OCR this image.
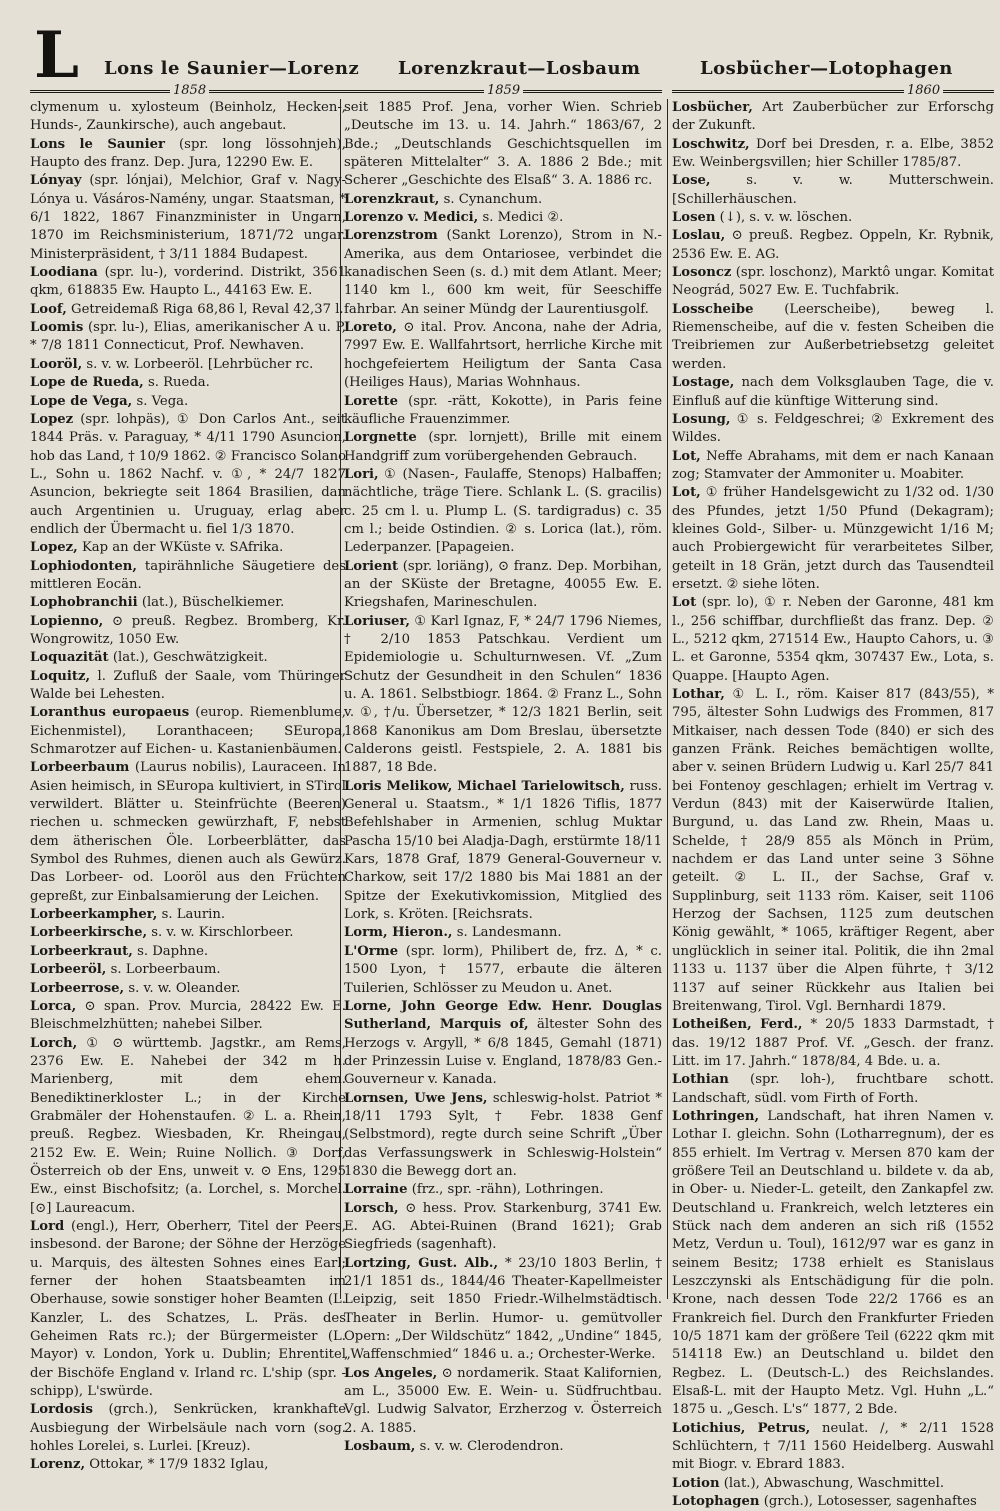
L Lons le Saunier—Lorenz Lorenzkraut—Losbaum	Losbücher—Lotophagen
1858	1859	1860

clymenum u. xylosteum (Beinholz, Hecken-, Hunds-, Zaunkirsche), auch angebaut.

Lons le Saunier (spr. long lössohnjeh), Haupto des franz. Dep. Jura, 12290 Ew. E.

Lónyay (spr. lónjai), Melchior, Graf v. Nagy-Lónya u. Vásáros-Namény, ungar. Staatsman, * 6/1 1822, 1867 Finanzminister in Ungarn, 1870 im Reichsministerium, 1871/72 ungar. Ministerpräsident, † 3/11 1884 Budapest.

Loodiana (spr. lu-), vorderind. Distrikt, 3561 qkm, 618835 Ew. Haupto L., 44163 Ew. E.

Loof, Getreidemaß Riga 68,86 l, Reval 42,37 l.

Loomis (spr. lu-), Elias, amerikanischer A u. P, * 7/8 1811 Connecticut, Prof. Newhaven.

Looröl, s. v. w. Lorbeeröl. [Lehrbücher rc.

Lope de Rueda, s. Rueda.

Lope de Vega, s. Vega.

Lopez (spr. lohpäs), ① Don Carlos Ant., seit 1844 Präs. v. Paraguay, * 4/11 1790 Asuncion, hob das Land, † 10/9 1862. ② Francisco Solano L., Sohn u. 1862 Nachf. v. ①, * 24/7 1827 Asuncion, bekriegte seit 1864 Brasilien, dan auch Argentinien u. Uruguay, erlag aber endlich der Übermacht u. fiel 1/3 1870.

Lopez, Kap an der WKüste v. SAfrika.

Lophiodonten, tapirähnliche Säugetiere des mittleren Eocän.

Lophobranchii (lat.), Büschelkiemer.

Lopienno, ⊙ preuß. Regbez. Bromberg, Kr. Wongrowitz, 1050 Ew.

Loquazität (lat.), Geschwätzigkeit.

Loquitz, l. Zufluß der Saale, vom Thüringer Walde bei Lehesten.

Loranthus europaeus (europ. Riemenblume, Eichenmistel), Loranthaceen; SEuropa, Schmarotzer auf Eichen- u. Kastanienbäumen.

Lorbeerbaum (Laurus nobilis), Lauraceen. In Asien heimisch, in SEuropa kultiviert, in STirol verwildert. Blätter u. Steinfrüchte (Beeren) riechen u. schmecken gewürzhaft, F, nebst dem ätherischen Öle. Lorbeerblätter, das Symbol des Ruhmes, dienen auch als Gewürz. Das Lorbeer- od. Looröl aus den Früchten gepreßt, zur Einbalsamierung der Leichen.

Lorbeerkampher, s. Laurin.

Lorbeerkirsche, s. v. w. Kirschlorbeer.

Lorbeerkraut, s. Daphne.

Lorbeeröl, s. Lorbeerbaum.

Lorbeerrose, s. v. w. Oleander.

Lorca, ⊙ span. Prov. Murcia, 28422 Ew. E. Bleischmelzhütten; nahebei Silber.

Lorch, ① ⊙ württemb. Jagstkr., am Rems, 2376 Ew. E. Nahebei der 342 m h. Marienberg, mit dem ehem. Benediktinerkloster L.; in der Kirche Grabmäler der Hohenstaufen. ② L. a. Rhein, preuß. Regbez. Wiesbaden, Kr. Rheingau, 2152 Ew. E. Wein; Ruine Nollich. ③ Dorf, Österreich ob der Ens, unweit v. ⊙ Ens, 1295 Ew., einst Bischofsitz; (a. Lorchel, s. Morchel. [⊙] Laureacum.

Lord (engl.), Herr, Oberherr, Titel der Peers, insbesond. der Barone; der Söhne der Herzöge u. Marquis, des ältesten Sohnes eines Earl; ferner der hohen Staatsbeamten im Oberhause, sowie sonstiger hoher Beamten (L. Kanzler, L. des Schatzes, L. Präs. des Geheimen Rats rc.); der Bürgermeister (L. Mayor) v. London, York u. Dublin; Ehrentitel der Bischöfe England v. Irland rc. L'ship (spr. -schipp), L'swürde.

Lordosis (grch.), Senkrücken, krankhafte Ausbiegung der Wirbelsäule nach vorn (sog. hohles Lorelei, s. Lurlei. [Kreuz).

Lorenz, Ottokar, * 17/9 1832 Iglau,

seit 1885 Prof. Jena, vorher Wien. Schrieb „Deutsche im 13. u. 14. Jahrh.“ 1863/67, 2 Bde.; „Deutschlands Geschichtsquellen im späteren Mittelalter“ 3. A. 1886 2 Bde.; mit Scherer „Geschichte des Elsaß“ 3. A. 1886 rc.

Lorenzkraut, s. Cynanchum.

Lorenzo v. Medici, s. Medici ②.

Lorenzstrom (Sankt Lorenzo), Strom in N.-Amerika, aus dem Ontariosee, verbindet die kanadischen Seen (s. d.) mit dem Atlant. Meer; 1140 km l., 600 km weit, für Seeschiffe fahrbar. An seiner Mündg der Laurentiusgolf.

Loreto, ⊙ ital. Prov. Ancona, nahe der Adria, 7997 Ew. E. Wallfahrtsort, herrliche Kirche mit hochgefeiertem Heiligtum der Santa Casa (Heiliges Haus), Marias Wohnhaus.

Lorette (spr. -rätt, Kokotte), in Paris feine käufliche Frauenzimmer.

Lorgnette (spr. lornjett), Brille mit einem Handgriff zum vorübergehenden Gebrauch.

Lori, ① (Nasen-, Faulaffe, Stenops) Halbaffen; nächtliche, träge Tiere. Schlank L. (S. gracilis) c. 25 cm l. u. Plump L. (S. tardigradus) c. 35 cm l.; beide Ostindien. ② s. Lorica (lat.), röm. Lederpanzer. [Papageien.

Lorient (spr. loriäng), ⊙ franz. Dep. Morbihan, an der SKüste der Bretagne, 40055 Ew. E. Kriegshafen, Marineschulen.

Loriuser, ① Karl Ignaz, F, * 24/7 1796 Niemes, † 2/10 1853 Patschkau. Verdient um Epidemiologie u. Schulturnwesen. Vf. „Zum Schutz der Gesundheit in den Schulen“ 1836 u. A. 1861. Selbstbiogr. 1864. ② Franz L., Sohn v. ①, †/u. Übersetzer, * 12/3 1821 Berlin, seit 1868 Kanonikus am Dom Breslau, übersetzte Calderons geistl. Festspiele, 2. A. 1881 bis 1887, 18 Bde.

Loris Melikow, Michael Tarielowitsch, russ. General u. Staatsm., * 1/1 1826 Tiflis, 1877 Befehlshaber in Armenien, schlug Muktar Pascha 15/10 bei Aladja-Dagh, erstürmte 18/11 Kars, 1878 Graf, 1879 General-Gouverneur v. Charkow, seit 17/2 1880 bis Mai 1881 an der Spitze der Exekutivkomission, Mitglied des Lork, s. Kröten. [Reichsrats.

Lorm, Hieron., s. Landesmann.

L'Orme (spr. lorm), Philibert de, frz. Δ, * c. 1500 Lyon, † 1577, erbaute die älteren Tuilerien, Schlösser zu Meudon u. Anet.

Lorne, John George Edw. Henr. Douglas Sutherland, Marquis of, ältester Sohn des Herzogs v. Argyll, * 6/8 1845, Gemahl (1871) der Prinzessin Luise v. England, 1878/83 Gen.-Gouverneur v. Kanada.

Lornsen, Uwe Jens, schleswig-holst. Patriot * 18/11 1793 Sylt, † Febr. 1838 Genf (Selbstmord), regte durch seine Schrift „Über das Verfassungswerk in Schleswig-Holstein“ 1830 die Bewegg dort an.

Lorraine (frz., spr. -rähn), Lothringen.

Lorsch, ⊙ hess. Prov. Starkenburg, 3741 Ew. E. AG. Abtei-Ruinen (Brand 1621); Grab Siegfrieds (sagenhaft).

Lortzing, Gust. Alb., * 23/10 1803 Berlin, † 21/1 1851 ds., 1844/46 Theater-Kapellmeister Leipzig, seit 1850 Friedr.-Wilhelmstädtisch. Theater in Berlin. Humor- u. gemütvoller Opern: „Der Wildschütz“ 1842, „Undine“ 1845, „Waffenschmied“ 1846 u. a.; Orchester-Werke.

Los Angeles, ⊙ nordamerik. Staat Kalifornien, am L., 35000 Ew. E. Wein- u. Südfruchtbau. Vgl. Ludwig Salvator, Erzherzog v. Österreich 2. A. 1885.

Losbaum, s. v. w. Clerodendron.

Losbücher, Art Zauberbücher zur Erforschg der Zukunft.

Loschwitz, Dorf bei Dresden, r. a. Elbe, 3852 Ew. Weinbergsvillen; hier Schiller 1785/87.

Lose, s. v. w. Mutterschwein. [Schillerhäuschen.

Losen (↓), s. v. w. löschen.

Loslau, ⊙ preuß. Regbez. Oppeln, Kr. Rybnik, 2536 Ew. E. AG.

Losoncz (spr. loschonz), Marktô ungar. Komitat Neográd, 5027 Ew. E. Tuchfabrik.

Losscheibe (Leerscheibe), beweg l. Riemenscheibe, auf die v. festen Scheiben die Treibriemen zur Außerbetriebsetzg geleitet werden.

Lostage, nach dem Volksglauben Tage, die v. Einfluß auf die künftige Witterung sind.

Losung, ① s. Feldgeschrei; ② Exkrement des Wildes.

Lot, Neffe Abrahams, mit dem er nach Kanaan zog; Stamvater der Ammoniter u. Moabiter.

Lot, ① früher Handelsgewicht zu 1/32 od. 1/30 des Pfundes, jetzt 1/50 Pfund (Dekagram); kleines Gold-, Silber- u. Münzgewicht 1/16 M; auch Probiergewicht für verarbeitetes Silber, geteilt in 18 Grän, jetzt durch das Tausendteil ersetzt. ② siehe löten.

Lot (spr. lo), ① r. Neben der Garonne, 481 km l., 256 schiffbar, durchfließt das franz. Dep. ② L., 5212 qkm, 271514 Ew., Haupto Cahors, u. ③ L. et Garonne, 5354 qkm, 307437 Ew., Lota, s. Quappe. [Haupto Agen.

Lothar, ① L. I., röm. Kaiser 817 (843/55), * 795, ältester Sohn Ludwigs des Frommen, 817 Mitkaiser, nach dessen Tode (840) er sich des ganzen Fränk. Reiches bemächtigen wollte, aber v. seinen Brüdern Ludwig u. Karl 25/7 841 bei Fontenoy geschlagen; erhielt im Vertrag v. Verdun (843) mit der Kaiserwürde Italien, Burgund, u. das Land zw. Rhein, Maas u. Schelde, † 28/9 855 als Mönch in Prüm, nachdem er das Land unter seine 3 Söhne geteilt. ② L. II., der Sachse, Graf v. Supplinburg, seit 1133 röm. Kaiser, seit 1106 Herzog der Sachsen, 1125 zum deutschen König gewählt, * 1065, kräftiger Regent, aber unglücklich in seiner ital. Politik, die ihn 2mal 1133 u. 1137 über die Alpen führte, † 3/12 1137 auf seiner Rückkehr aus Italien bei Breitenwang, Tirol. Vgl. Bernhardi 1879.

Lotheißen, Ferd., * 20/5 1833 Darmstadt, † das. 19/12 1887 Prof. Vf. „Gesch. der franz. Litt. im 17. Jahrh.“ 1878/84, 4 Bde. u. a.

Lothian (spr. loh-), fruchtbare schott. Landschaft, südl. vom Firth of Forth.

Lothringen, Landschaft, hat ihren Namen v. Lothar I. gleichn. Sohn (Lotharregnum), der es 855 erhielt. Im Vertrag v. Mersen 870 kam der größere Teil an Deutschland u. bildete v. da ab, in Ober- u. Nieder-L. geteilt, den Zankapfel zw. Deutschland u. Frankreich, welch letzteres ein Stück nach dem anderen an sich riß (1552 Metz, Verdun u. Toul), 1612/97 war es ganz in seinem Besitz; 1738 erhielt es Stanislaus Leszczynski als Entschädigung für die poln. Krone, nach dessen Tode 22/2 1766 es an Frankreich fiel. Durch den Frankfurter Frieden 10/5 1871 kam der größere Teil (6222 qkm mit 514118 Ew.) an Deutschland u. bildet den Regbez. L. (Deutsch-L.) des Reichslandes. Elsaß-L. mit der Haupto Metz. Vgl. Huhn „L.“ 1875 u. „Gesch. L's“ 1877, 2 Bde.

Lotichius, Petrus, neulat. /, * 2/11 1528 Schlüchtern, † 7/11 1560 Heidelberg. Auswahl mit Biogr. v. Ebrard 1883.

Lotion (lat.), Abwaschung, Waschmittel.

Lotophagen (grch.), Lotosesser, sagenhaftes
